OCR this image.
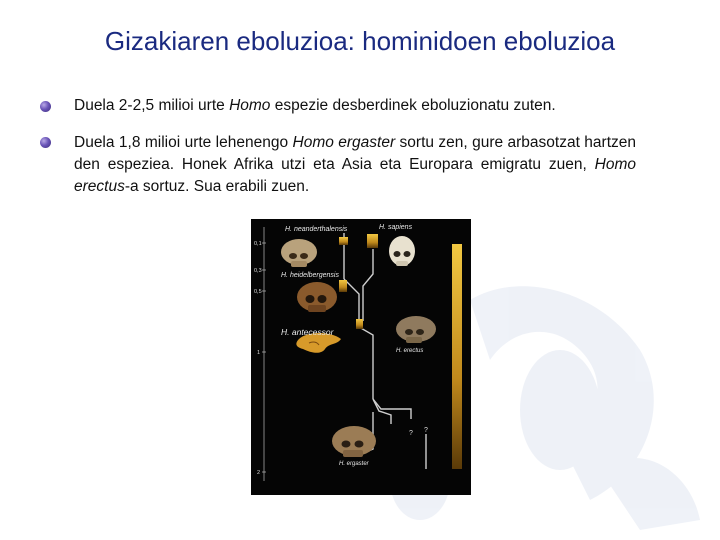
Gizakiaren eboluzioa: hominidoen eboluzioa
Duela 2-2,5 milioi urte Homo espezie desberdinek eboluzionatu zuten.
Duela 1,8 milioi urte lehenengo Homo ergaster sortu zen, gure arbasotzat hartzen den espeziea. Honek Afrika utzi eta Asia eta Europara emigratu zuen, Homo erectus-a sortuz. Sua erabili zuen.
0,1
0,3
0,5
1
2
H. neanderthalensis	H. sapiens
H. heidelbergensis
H. antecessor
H. erectus
H. ergaster
? ?
